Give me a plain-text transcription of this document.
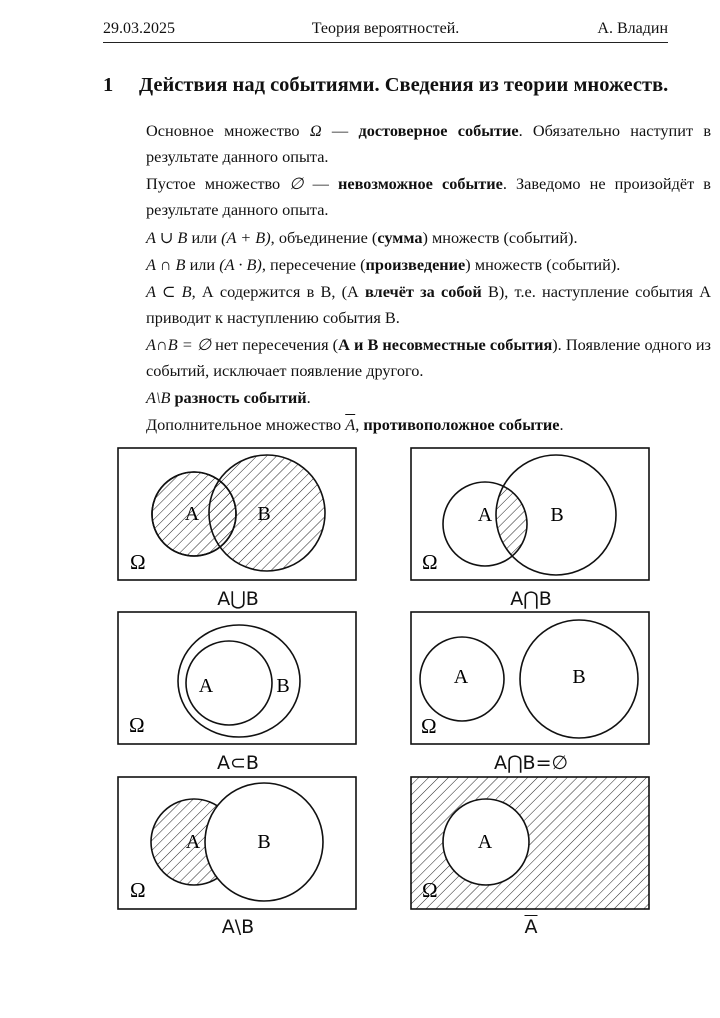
29.03.2025	Теория вероятностей.	А. Владин
1 Действия над событиями. Сведения из теории множеств.
Основное множество Ω — достоверное событие. Обязательно наступит в результате данного опыта.
Пустое множество ∅ — невозможное событие. Заведомо не произойдёт в результате данного опыта.
A ∪ B или (A + B), объединение (сумма) множеств (событий).
A ∩ B или (A · B), пересечение (произведение) множеств (событий).
A ⊂ B, А содержится в В, (А влечёт за собой В), т.е. наступление события А приводит к наступлению события В.
A∩B = ∅ нет пересечения (А и В несовместные события). Появление одного из событий, исключает появление другого.
A\B разность событий.
Дополнительное множество $\overline{A}$, противоположное событие.
A	B
Ω
A⋃B
A	B
Ω
A⋂B
A	B
Ω
A⊂B
A	B
Ω
A⋂B=∅
A	B
Ω
A\B
A
Ω
$\overline{A}$
